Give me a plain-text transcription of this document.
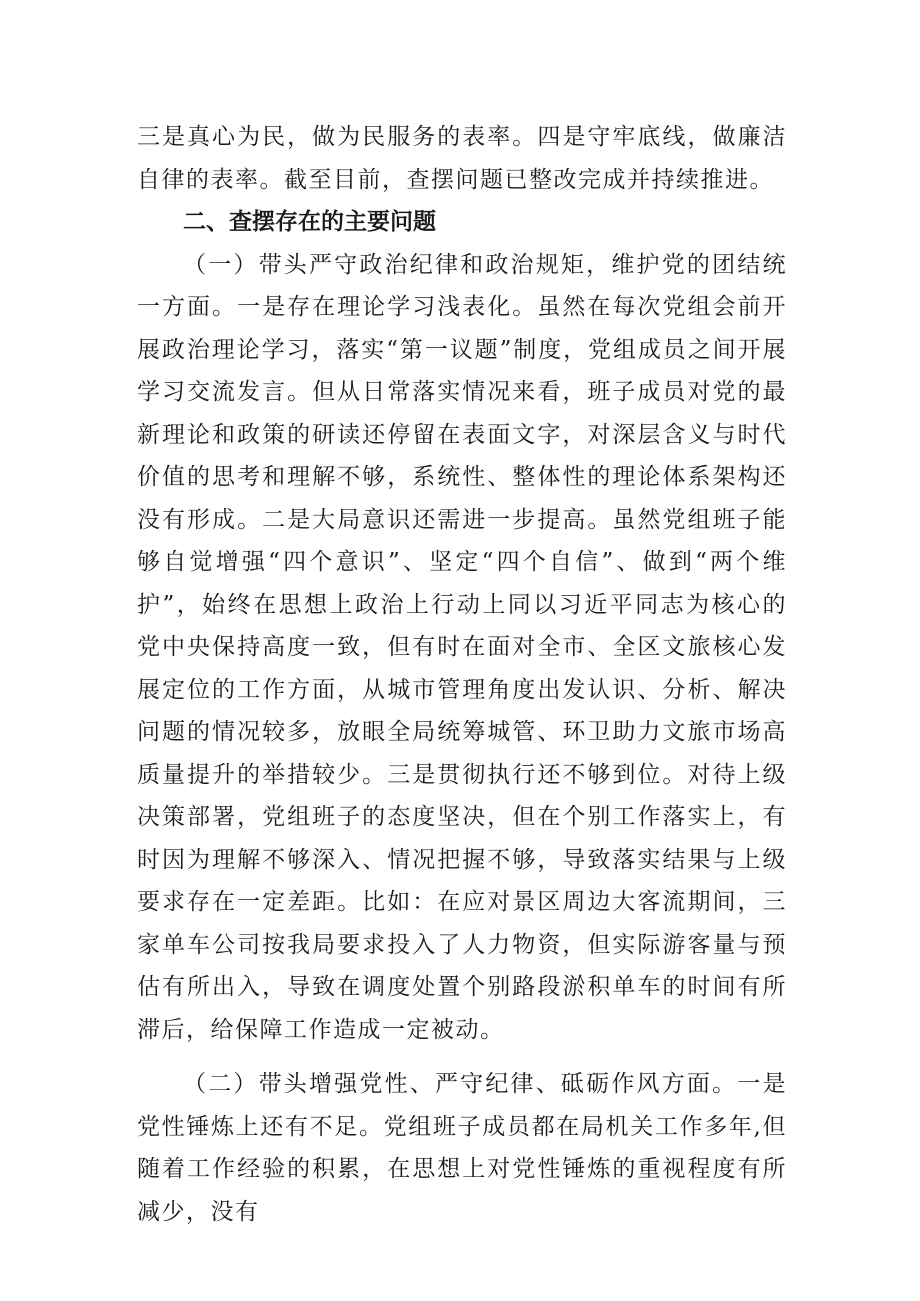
三是真心为民，做为民服务的表率。四是守牢底线，做廉洁自律的表率。截至目前，查摆问题已整改完成并持续推进。

二、查摆存在的主要问题

（一）带头严守政治纪律和政治规矩，维护党的团结统一方面。一是存在理论学习浅表化。虽然在每次党组会前开展政治理论学习，落实“第一议题”制度，党组成员之间开展学习交流发言。但从日常落实情况来看，班子成员对党的最新理论和政策的研读还停留在表面文字，对深层含义与时代价值的思考和理解不够，系统性、整体性的理论体系架构还没有形成。二是大局意识还需进一步提高。虽然党组班子能够自觉增强“四个意识”、坚定“四个自信”、做到“两个维护”，始终在思想上政治上行动上同以习近平同志为核心的党中央保持高度一致，但有时在面对全市、全区文旅核心发展定位的工作方面，从城市管理角度出发认识、分析、解决问题的情况较多，放眼全局统筹城管、环卫助力文旅市场高质量提升的举措较少。三是贯彻执行还不够到位。对待上级决策部署，党组班子的态度坚决，但在个别工作落实上，有时因为理解不够深入、情况把握不够，导致落实结果与上级要求存在一定差距。比如：在应对景区周边大客流期间，三家单车公司按我局要求投入了人力物资，但实际游客量与预估有所出入，导致在调度处置个别路段淤积单车的时间有所滞后，给保障工作造成一定被动。

（二）带头增强党性、严守纪律、砥砺作风方面。一是党性锤炼上还有不足。党组班子成员都在局机关工作多年,但随着工作经验的积累，在思想上对党性锤炼的重视程度有所减少，没有
